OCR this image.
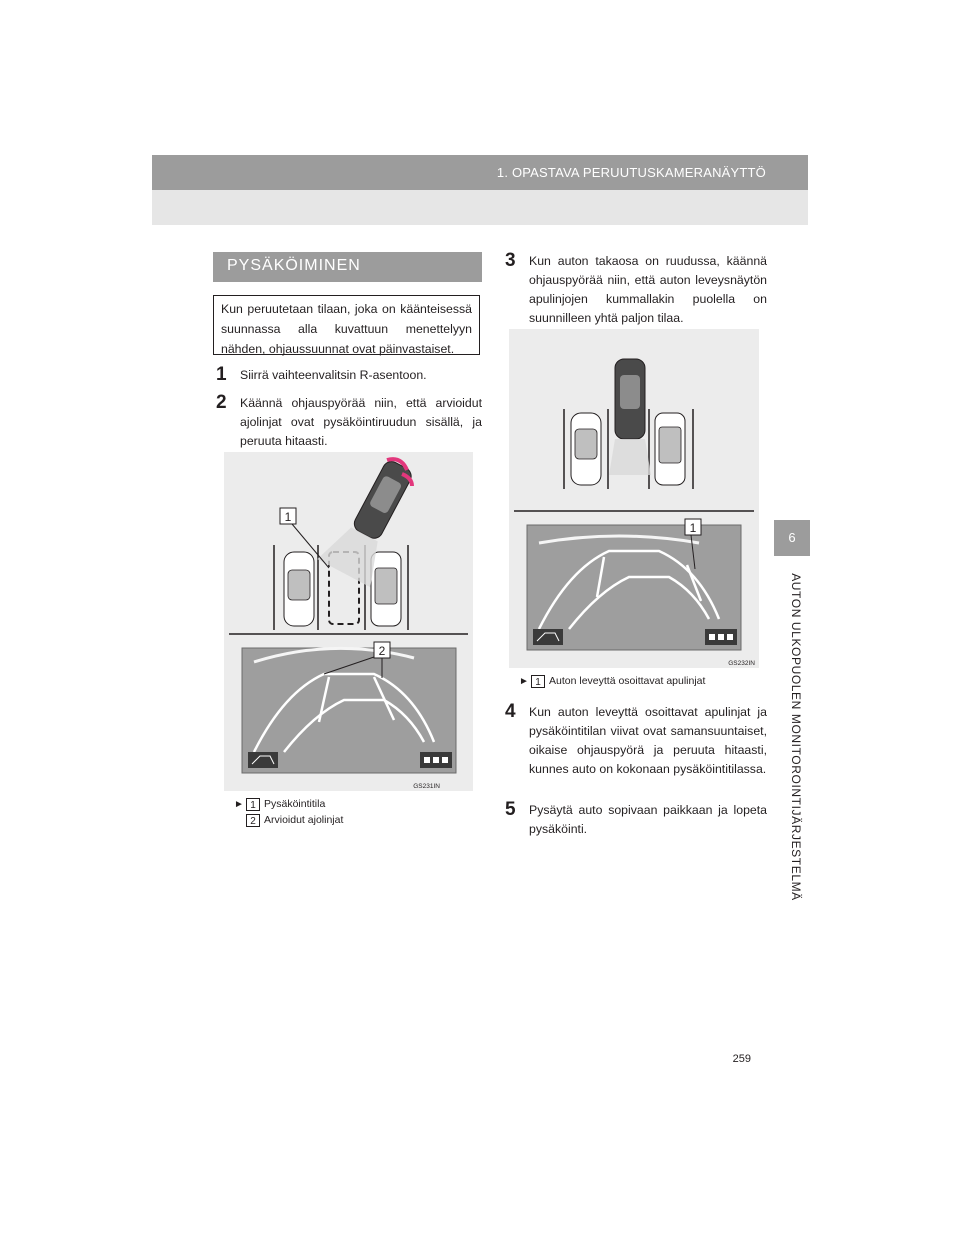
1. OPASTAVA PERUUTUSKAMERANÄYTTÖ
6
AUTON ULKOPUOLEN MONITOROINTIJÄRJESTELMÄ
PYSÄKÖIMINEN
Kun peruutetaan tilaan, joka on käänteisessä suunnassa alla kuvattuun menettelyyn nähden, ohjaussuunnat ovat päinvastaiset.
1	Siirrä vaihteenvalitsin R-asentoon.
2	Käännä ohjauspyörää niin, että arvioidut ajolinjat ovat pysäköintiruudun sisällä, ja peruuta hitaasti.
1
2
GS231IN
► 1 Pysäköintitila
2 Arvioidut ajolinjat
3	Kun auton takaosa on ruudussa, käännä ohjauspyörää niin, että auton leveysnäytön apulinjojen kummallakin puolella on suunnilleen yhtä paljon tilaa.
1
GS232IN
► 1 Auton leveyttä osoittavat apulinjat
4	Kun auton leveyttä osoittavat apulinjat ja pysäköintitilan viivat ovat samansuuntaiset, oikaise ohjauspyörä ja peruuta hitaasti, kunnes auto on kokonaan pysäköintitilassa.
5	Pysäytä auto sopivaan paikkaan ja lopeta pysäköinti.
259
